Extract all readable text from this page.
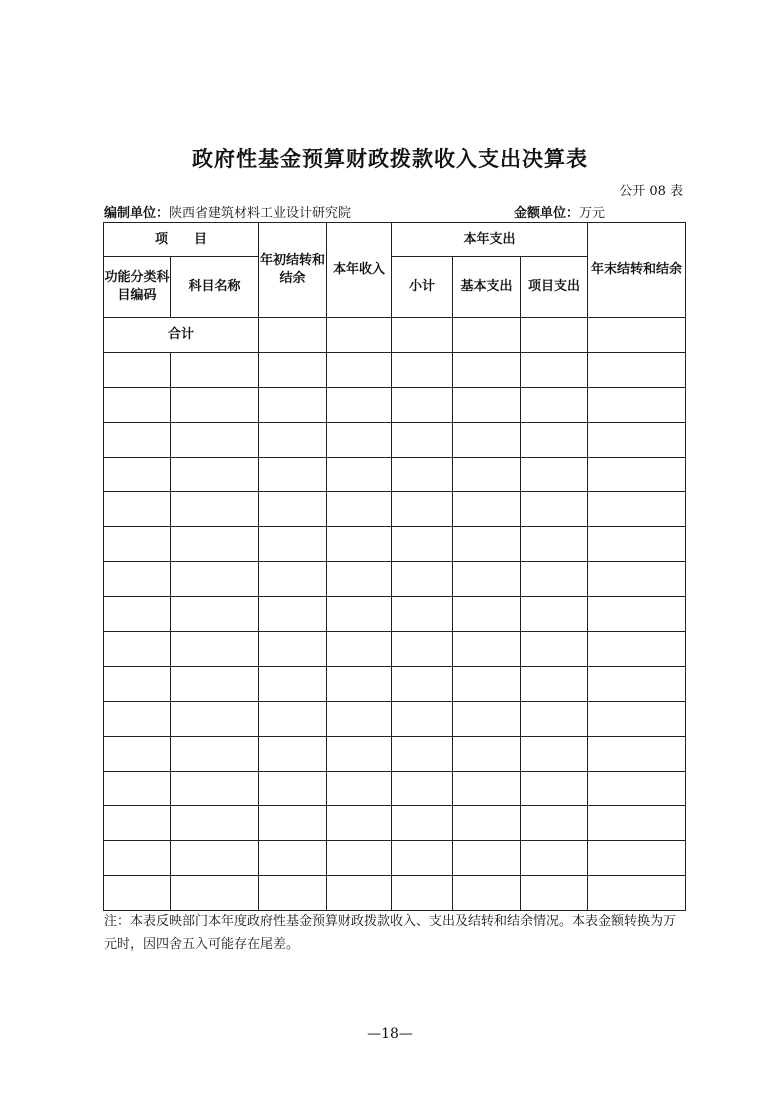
政府性基金预算财政拨款收入支出决算表
公开 08 表
编制单位：陕西省建筑材料工业设计研究院	金额单位：万元
项　　目		年初结转和结余	本年收入	本年支出			年末结转和结余
功能分类科目编码	科目名称			小计	基本支出	项目支出	
合计							

注：本表反映部门本年度政府性基金预算财政拨款收入、支出及结转和结余情况。本表金额转换为万元时，因四舍五入可能存在尾差。
—18—
